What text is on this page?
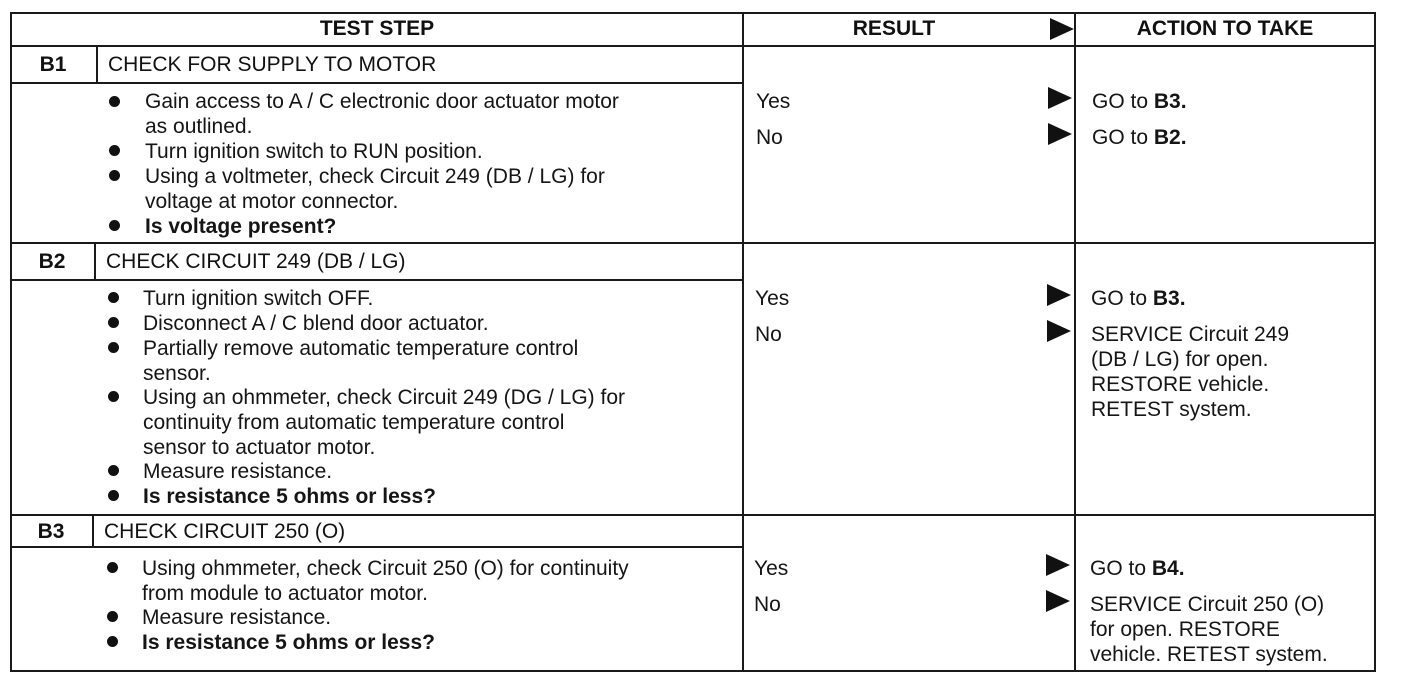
TEST STEP	RESULT	ACTION TO TAKE
B1	CHECK FOR SUPPLY TO MOTOR
Gain access to A / C electronic door actuator motor
as outlined.
Turn ignition switch to RUN position.
Using a voltmeter, check Circuit 249 (DB / LG) for
voltage at motor connector.
Is voltage present?
Yes	GO to B3.
No	GO to B2.
B2	CHECK CIRCUIT 249 (DB / LG)
Turn ignition switch OFF.
Disconnect A / C blend door actuator.
Partially remove automatic temperature control
sensor.
Using an ohmmeter, check Circuit 249 (DG / LG) for
continuity from automatic temperature control
sensor to actuator motor.
Measure resistance.
Is resistance 5 ohms or less?
Yes	GO to B3.
No	SERVICE Circuit 249
(DB / LG) for open.
RESTORE vehicle.
RETEST system.
B3	CHECK CIRCUIT 250 (O)
Using ohmmeter, check Circuit 250 (O) for continuity
from module to actuator motor.
Measure resistance.
Is resistance 5 ohms or less?
Yes	GO to B4.
No	SERVICE Circuit 250 (O)
for open. RESTORE
vehicle. RETEST system.
